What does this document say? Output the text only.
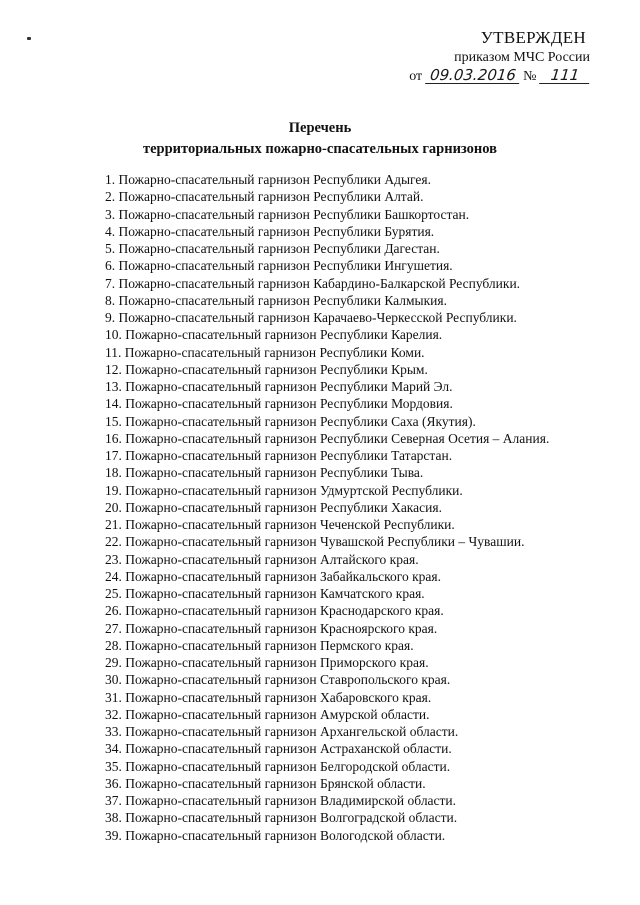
УТВЕРЖДЕН
приказом МЧС России
от 09.03.2016 № 111
Перечень
территориальных пожарно-спасательных гарнизонов
1. Пожарно-спасательный гарнизон Республики Адыгея.
2. Пожарно-спасательный гарнизон Республики Алтай.
3. Пожарно-спасательный гарнизон Республики Башкортостан.
4. Пожарно-спасательный гарнизон Республики Бурятия.
5. Пожарно-спасательный гарнизон Республики Дагестан.
6. Пожарно-спасательный гарнизон Республики Ингушетия.
7. Пожарно-спасательный гарнизон Кабардино-Балкарской Республики.
8. Пожарно-спасательный гарнизон Республики Калмыкия.
9. Пожарно-спасательный гарнизон Карачаево-Черкесской Республики.
10. Пожарно-спасательный гарнизон Республики Карелия.
11. Пожарно-спасательный гарнизон Республики Коми.
12. Пожарно-спасательный гарнизон Республики Крым.
13. Пожарно-спасательный гарнизон Республики Марий Эл.
14. Пожарно-спасательный гарнизон Республики Мордовия.
15. Пожарно-спасательный гарнизон Республики Саха (Якутия).
16. Пожарно-спасательный гарнизон Республики Северная Осетия – Алания.
17. Пожарно-спасательный гарнизон Республики Татарстан.
18. Пожарно-спасательный гарнизон Республики Тыва.
19. Пожарно-спасательный гарнизон Удмуртской Республики.
20. Пожарно-спасательный гарнизон Республики Хакасия.
21. Пожарно-спасательный гарнизон Чеченской Республики.
22. Пожарно-спасательный гарнизон Чувашской Республики – Чувашии.
23. Пожарно-спасательный гарнизон Алтайского края.
24. Пожарно-спасательный гарнизон Забайкальского края.
25. Пожарно-спасательный гарнизон Камчатского края.
26. Пожарно-спасательный гарнизон Краснодарского края.
27. Пожарно-спасательный гарнизон Красноярского края.
28. Пожарно-спасательный гарнизон Пермского края.
29. Пожарно-спасательный гарнизон Приморского края.
30. Пожарно-спасательный гарнизон Ставропольского края.
31. Пожарно-спасательный гарнизон Хабаровского края.
32. Пожарно-спасательный гарнизон Амурской области.
33. Пожарно-спасательный гарнизон Архангельской области.
34. Пожарно-спасательный гарнизон Астраханской области.
35. Пожарно-спасательный гарнизон Белгородской области.
36. Пожарно-спасательный гарнизон Брянской области.
37. Пожарно-спасательный гарнизон Владимирской области.
38. Пожарно-спасательный гарнизон Волгоградской области.
39. Пожарно-спасательный гарнизон Вологодской области.
